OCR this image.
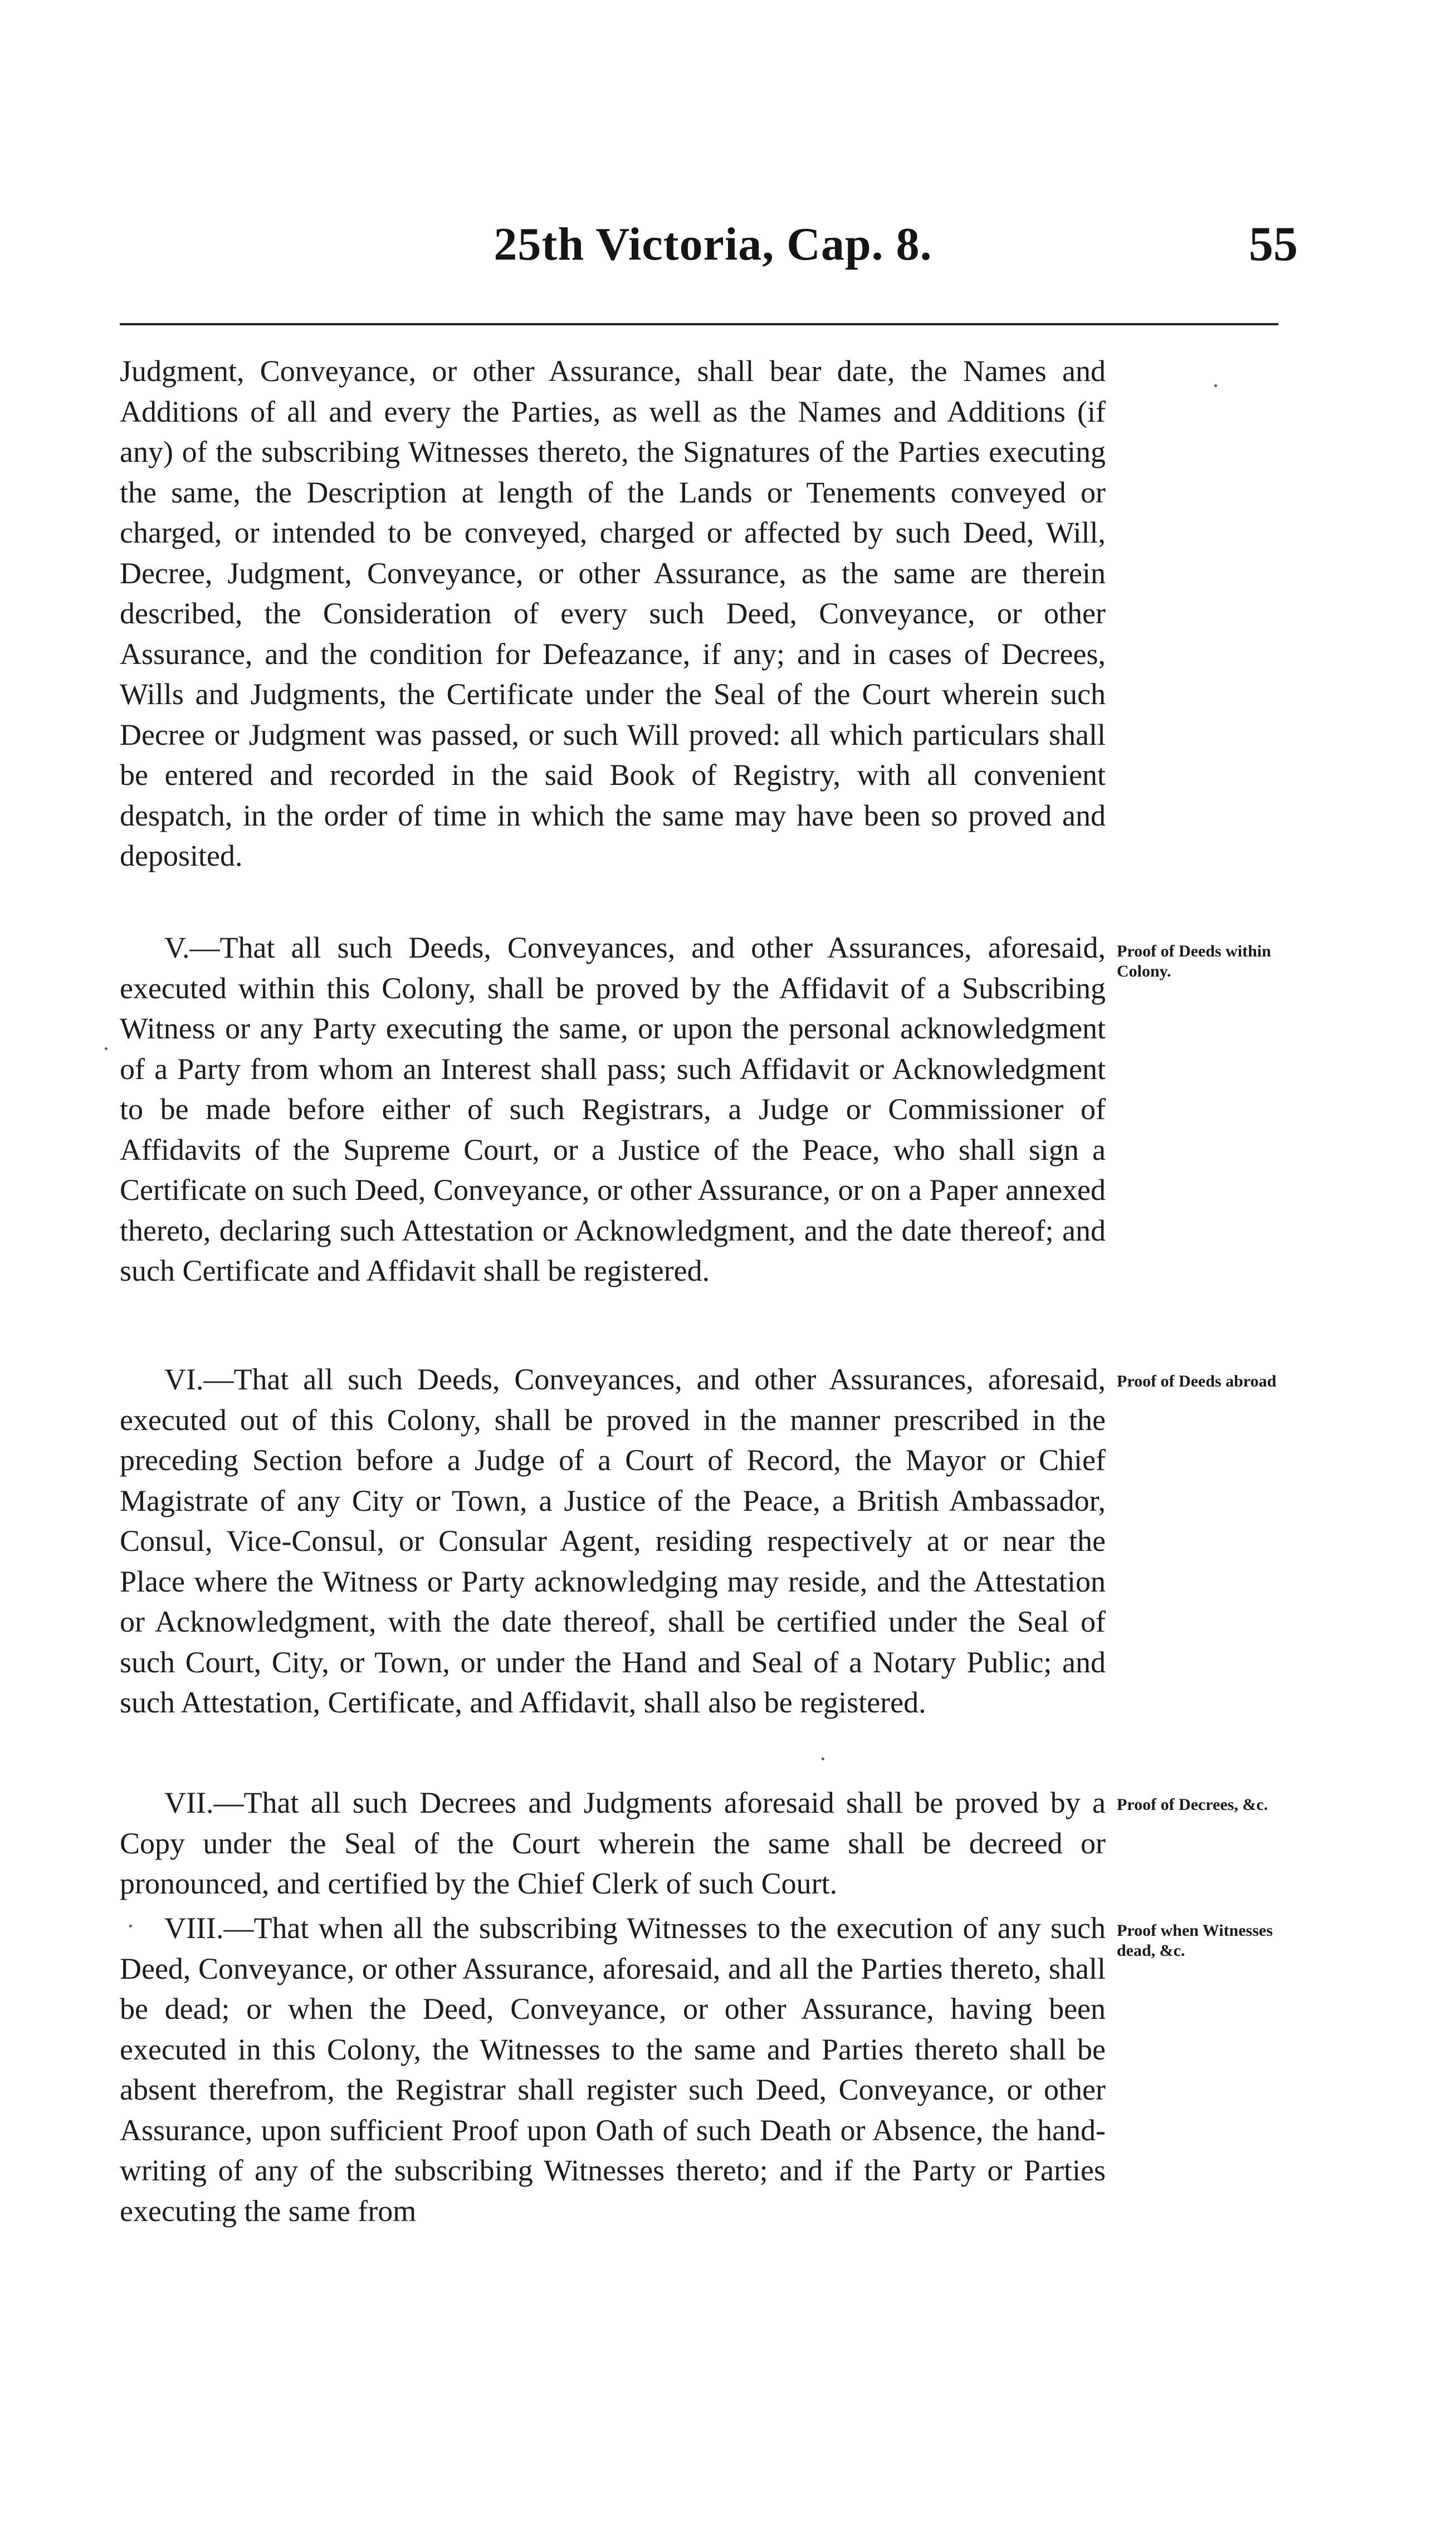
25th Victoria, Cap. 8.	55

Judgment, Conveyance, or other Assurance, shall bear date, the Names and Additions of all and every the Parties, as well as the Names and Additions (if any) of the subscribing Witnesses thereto, the Signatures of the Parties executing the same, the Description at length of the Lands or Tenements conveyed or charged, or intended to be conveyed, charged or affected by such Deed, Will, Decree, Judgment, Conveyance, or other Assurance, as the same are therein described, the Consideration of every such Deed, Conveyance, or other Assurance, and the condition for Defeazance, if any; and in cases of Decrees, Wills and Judgments, the Certificate under the Seal of the Court wherein such Decree or Judgment was passed, or such Will proved: all which particulars shall be entered and recorded in the said Book of Registry, with all convenient despatch, in the order of time in which the same may have been so proved and deposited.

V.—That all such Deeds, Conveyances, and other Assurances, aforesaid, executed within this Colony, shall be proved by the Affidavit of a Subscribing Witness or any Party executing the same, or upon the personal acknowledgment of a Party from whom an Interest shall pass; such Affidavit or Acknowledgment to be made before either of such Registrars, a Judge or Commissioner of Affidavits of the Supreme Court, or a Justice of the Peace, who shall sign a Certificate on such Deed, Conveyance, or other Assurance, or on a Paper annexed thereto, declaring such Attestation or Acknowledgment, and the date thereof; and such Certificate and Affidavit shall be registered.

Proof of Deeds within Colony.

VI.—That all such Deeds, Conveyances, and other Assurances, aforesaid, executed out of this Colony, shall be proved in the manner prescribed in the preceding Section before a Judge of a Court of Record, the Mayor or Chief Magistrate of any City or Town, a Justice of the Peace, a British Ambassador, Consul, Vice-Consul, or Consular Agent, residing respectively at or near the Place where the Witness or Party acknowledging may reside, and the Attestation or Acknowledgment, with the date thereof, shall be certified under the Seal of such Court, City, or Town, or under the Hand and Seal of a Notary Public; and such Attestation, Certificate, and Affidavit, shall also be registered.

Proof of Deeds abroad

VII.—That all such Decrees and Judgments aforesaid shall be proved by a Copy under the Seal of the Court wherein the same shall be decreed or pronounced, and certified by the Chief Clerk of such Court.

Proof of Decrees, &c.

VIII.—That when all the subscribing Witnesses to the execution of any such Deed, Conveyance, or other Assurance, aforesaid, and all the Parties thereto, shall be dead; or when the Deed, Conveyance, or other Assurance, having been executed in this Colony, the Witnesses to the same and Parties thereto shall be absent therefrom, the Registrar shall register such Deed, Conveyance, or other Assurance, upon sufficient Proof upon Oath of such Death or Absence, the hand-writing of any of the subscribing Witnesses thereto; and if the Party or Parties executing the same from

Proof when Witnesses dead, &c.
